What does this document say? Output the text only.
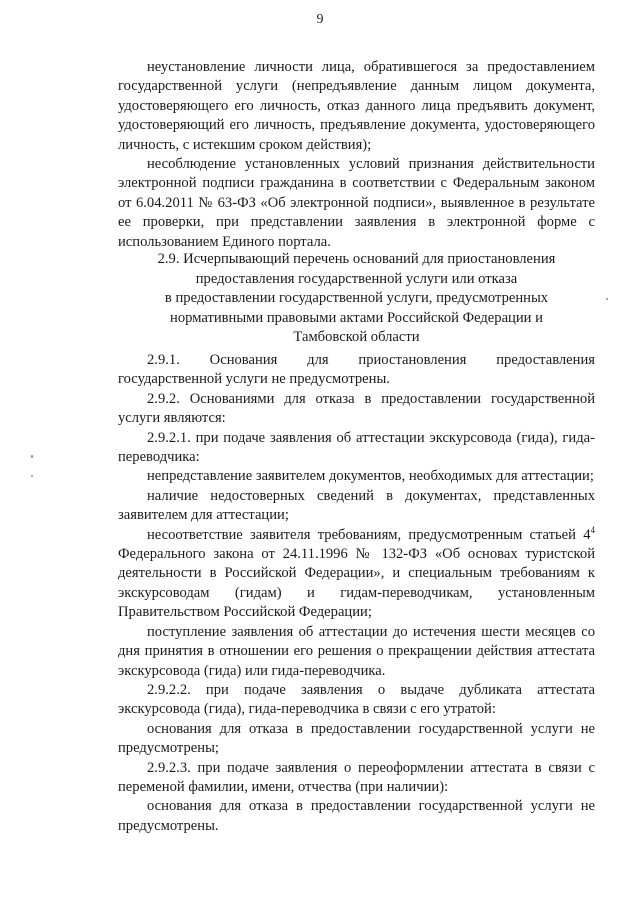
9

неустановление личности лица, обратившегося за предоставлением государственной услуги (непредъявление данным лицом документа, удостоверяющего его личность, отказ данного лица предъявить документ, удостоверяющий его личность, предъявление документа, удостоверяющего личность, с истекшим сроком действия);

несоблюдение установленных условий признания действительности электронной подписи гражданина в соответствии с Федеральным законом от 6.04.2011 № 63-ФЗ «Об электронной подписи», выявленное в результате ее проверки, при представлении заявления в электронной форме с использованием Единого портала.

2.9. Исчерпывающий перечень оснований для приостановления
предоставления государственной услуги или отказа
в предоставлении государственной услуги, предусмотренных
нормативными правовыми актами Российской Федерации и
Тамбовской области

2.9.1. Основания для приостановления предоставления государственной услуги не предусмотрены.

2.9.2. Основаниями для отказа в предоставлении государственной услуги являются:

2.9.2.1. при подаче заявления об аттестации экскурсовода (гида), гида-переводчика:

непредставление заявителем документов, необходимых для аттестации;

наличие недостоверных сведений в документах, представленных заявителем для аттестации;

несоответствие заявителя требованиям, предусмотренным статьей $4^4$ Федерального закона от 24.11.1996 № 132-ФЗ «Об основах туристской деятельности в Российской Федерации», и специальным требованиям к экскурсоводам (гидам) и гидам-переводчикам, установленным Правительством Российской Федерации;

поступление заявления об аттестации до истечения шести месяцев со дня принятия в отношении его решения о прекращении действия аттестата экскурсовода (гида) или гида-переводчика.

2.9.2.2. при подаче заявления о выдаче дубликата аттестата экскурсовода (гида), гида-переводчика в связи с его утратой:

основания для отказа в предоставлении государственной услуги не предусмотрены;

2.9.2.3. при подаче заявления о переоформлении аттестата в связи с переменой фамилии, имени, отчества (при наличии):

основания для отказа в предоставлении государственной услуги не предусмотрены.
